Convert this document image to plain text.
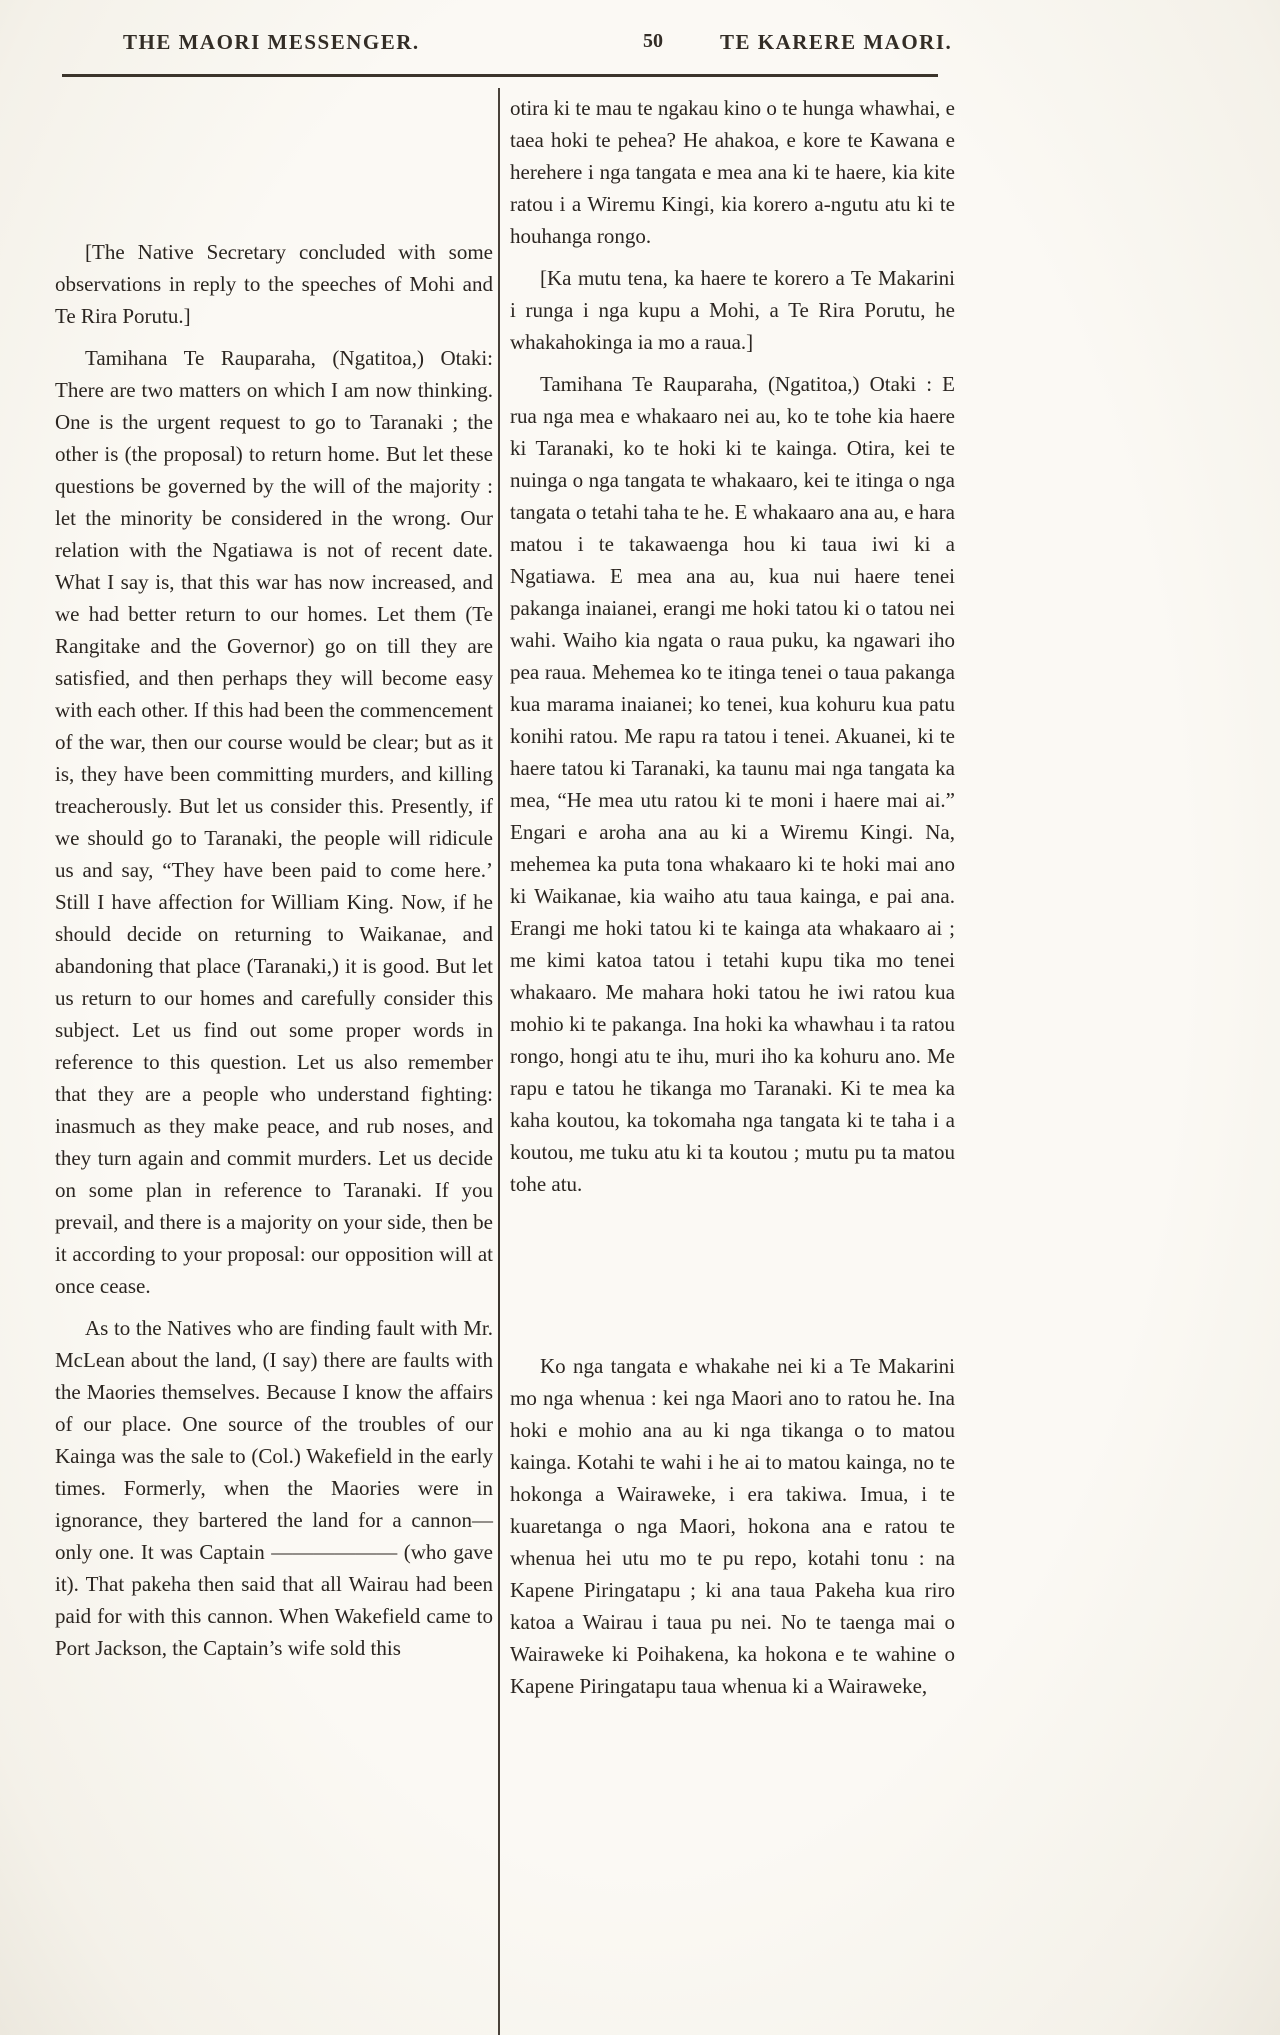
THE MAORI MESSENGER.	50	TE KARERE MAORI.

[The Native Secretary concluded with some observations in reply to the speeches of Mohi and Te Rira Porutu.]

Tamihana Te Rauparaha, (Ngatitoa,) Otaki: There are two matters on which I am now thinking. One is the urgent request to go to Taranaki ; the other is (the proposal) to return home. But let these questions be governed by the will of the majority : let the minority be considered in the wrong. Our relation with the Ngatiawa is not of recent date. What I say is, that this war has now increased, and we had better return to our homes. Let them (Te Rangitake and the Governor) go on till they are satisfied, and then perhaps they will become easy with each other. If this had been the commencement of the war, then our course would be clear; but as it is, they have been committing murders, and killing treacherously. But let us consider this. Presently, if we should go to Taranaki, the people will ridicule us and say, “They have been paid to come here.’ Still I have affection for William King. Now, if he should decide on returning to Waikanae, and abandoning that place (Taranaki,) it is good. But let us return to our homes and carefully consider this subject. Let us find out some proper words in reference to this question. Let us also remember that they are a people who understand fighting: inasmuch as they make peace, and rub noses, and they turn again and commit murders. Let us decide on some plan in reference to Taranaki. If you prevail, and there is a majority on your side, then be it according to your proposal: our opposition will at once cease.

As to the Natives who are finding fault with Mr. McLean about the land, (I say) there are faults with the Maories themselves. Because I know the affairs of our place. One source of the troubles of our Kainga was the sale to (Col.) Wakefield in the early times. Formerly, when the Maories were in ignorance, they bartered the land for a cannon—only one. It was Captain —————— (who gave it). That pakeha then said that all Wairau had been paid for with this cannon. When Wakefield came to Port Jackson, the Captain’s wife sold this

otira ki te mau te ngakau kino o te hunga whawhai, e taea hoki te pehea? He ahakoa, e kore te Kawana e herehere i nga tangata e mea ana ki te haere, kia kite ratou i a Wiremu Kingi, kia korero a-ngutu atu ki te houhanga rongo.

[Ka mutu tena, ka haere te korero a Te Makarini i runga i nga kupu a Mohi, a Te Rira Porutu, he whakahokinga ia mo a raua.]

Tamihana Te Rauparaha, (Ngatitoa,) Otaki : E rua nga mea e whakaaro nei au, ko te tohe kia haere ki Taranaki, ko te hoki ki te kainga. Otira, kei te nuinga o nga tangata te whakaaro, kei te itinga o nga tangata o tetahi taha te he. E whakaaro ana au, e hara matou i te takawaenga hou ki taua iwi ki a Ngatiawa. E mea ana au, kua nui haere tenei pakanga inaianei, erangi me hoki tatou ki o tatou nei wahi. Waiho kia ngata o raua puku, ka ngawari iho pea raua. Mehemea ko te itinga tenei o taua pakanga kua marama inaianei; ko tenei, kua kohuru kua patu konihi ratou. Me rapu ra tatou i tenei. Akuanei, ki te haere tatou ki Taranaki, ka taunu mai nga tangata ka mea, “He mea utu ratou ki te moni i haere mai ai.” Engari e aroha ana au ki a Wiremu Kingi. Na, mehemea ka puta tona whakaaro ki te hoki mai ano ki Waikanae, kia waiho atu taua kainga, e pai ana. Erangi me hoki tatou ki te kainga ata whakaaro ai ; me kimi katoa tatou i tetahi kupu tika mo tenei whakaaro. Me mahara hoki tatou he iwi ratou kua mohio ki te pakanga. Ina hoki ka whawhau i ta ratou rongo, hongi atu te ihu, muri iho ka kohuru ano. Me rapu e tatou he tikanga mo Taranaki. Ki te mea ka kaha koutou, ka tokomaha nga tangata ki te taha i a koutou, me tuku atu ki ta koutou ; mutu pu ta matou tohe atu.

Ko nga tangata e whakahe nei ki a Te Makarini mo nga whenua : kei nga Maori ano to ratou he. Ina hoki e mohio ana au ki nga tikanga o to matou kainga. Kotahi te wahi i he ai to matou kainga, no te hokonga a Wairaweke, i era takiwa. Imua, i te kuaretanga o nga Maori, hokona ana e ratou te whenua hei utu mo te pu repo, kotahi tonu : na Kapene Piringatapu ; ki ana taua Pakeha kua riro katoa a Wairau i taua pu nei. No te taenga mai o Wairaweke ki Poihakena, ka hokona e te wahine o Kapene Piringatapu taua whenua ki a Wairaweke,
